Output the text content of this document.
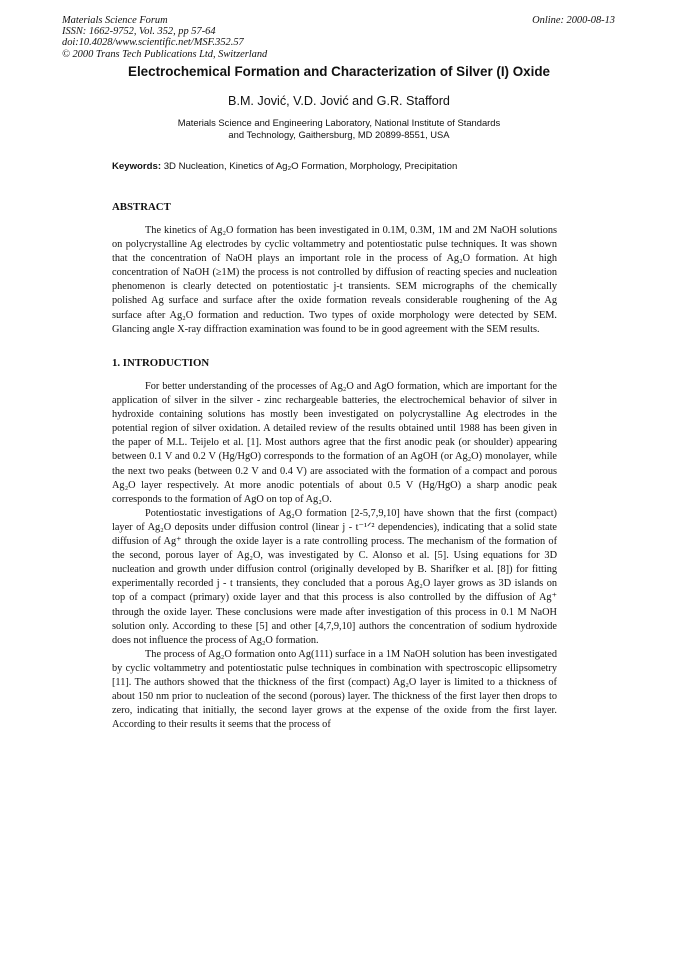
Materials Science Forum
ISSN: 1662-9752, Vol. 352, pp 57-64
doi:10.4028/www.scientific.net/MSF.352.57
© 2000 Trans Tech Publications Ltd, Switzerland
Online: 2000-08-13
Electrochemical Formation and Characterization of Silver (I) Oxide
B.M. Jović, V.D. Jović and G.R. Stafford
Materials Science and Engineering Laboratory, National Institute of Standards
and Technology, Gaithersburg, MD 20899-8551, USA
Keywords: 3D Nucleation, Kinetics of Ag₂O Formation, Morphology, Precipitation
ABSTRACT

The kinetics of Ag₂O formation has been investigated in 0.1M, 0.3M, 1M and 2M NaOH solutions on polycrystalline Ag electrodes by cyclic voltammetry and potentiostatic pulse techniques. It was shown that the concentration of NaOH plays an important role in the process of Ag₂O formation. At high concentration of NaOH (≥1M) the process is not controlled by diffusion of reacting species and nucleation phenomenon is clearly detected on potentiostatic j-t transients. SEM micrographs of the chemically polished Ag surface and surface after the oxide formation reveals considerable roughening of the Ag surface after Ag₂O formation and reduction. Two types of oxide morphology were detected by SEM. Glancing angle X-ray diffraction examination was found to be in good agreement with the SEM results.

1. INTRODUCTION

For better understanding of the processes of Ag₂O and AgO formation, which are important for the application of silver in the silver - zinc rechargeable batteries, the electrochemical behavior of silver in hydroxide containing solutions has mostly been investigated on polycrystalline Ag electrodes in the potential region of silver oxidation. A detailed review of the results obtained until 1988 has been given in the paper of M.L. Teijelo et al. [1]. Most authors agree that the first anodic peak (or shoulder) appearing between 0.1 V and 0.2 V (Hg/HgO) corresponds to the formation of an AgOH (or Ag₂O) monolayer, while the next two peaks (between 0.2 V and 0.4 V) are associated with the formation of a compact and porous Ag₂O layer respectively. At more anodic potentials of about 0.5 V (Hg/HgO) a sharp anodic peak corresponds to the formation of AgO on top of Ag₂O.

Potentiostatic investigations of Ag₂O formation [2-5,7,9,10] have shown that the first (compact) layer of Ag₂O deposits under diffusion control (linear j - t⁻¹ᐟ² dependencies), indicating that a solid state diffusion of Ag⁺ through the oxide layer is a rate controlling process. The mechanism of the formation of the second, porous layer of Ag₂O, was investigated by C. Alonso et al. [5]. Using equations for 3D nucleation and growth under diffusion control (originally developed by B. Sharifker et al. [8]) for fitting experimentally recorded j - t transients, they concluded that a porous Ag₂O layer grows as 3D islands on top of a compact (primary) oxide layer and that this process is also controlled by the diffusion of Ag⁺ through the oxide layer. These conclusions were made after investigation of this process in 0.1 M NaOH solution only. According to these [5] and other [4,7,9,10] authors the concentration of sodium hydroxide does not influence the process of Ag₂O formation.

The process of Ag₂O formation onto Ag(111) surface in a 1M NaOH solution has been investigated by cyclic voltammetry and potentiostatic pulse techniques in combination with spectroscopic ellipsometry [11]. The authors showed that the thickness of the first (compact) Ag₂O layer is limited to a thickness of about 150 nm prior to nucleation of the second (porous) layer. The thickness of the first layer then drops to zero, indicating that initially, the second layer grows at the expense of the oxide from the first layer. According to their results it seems that the process of
